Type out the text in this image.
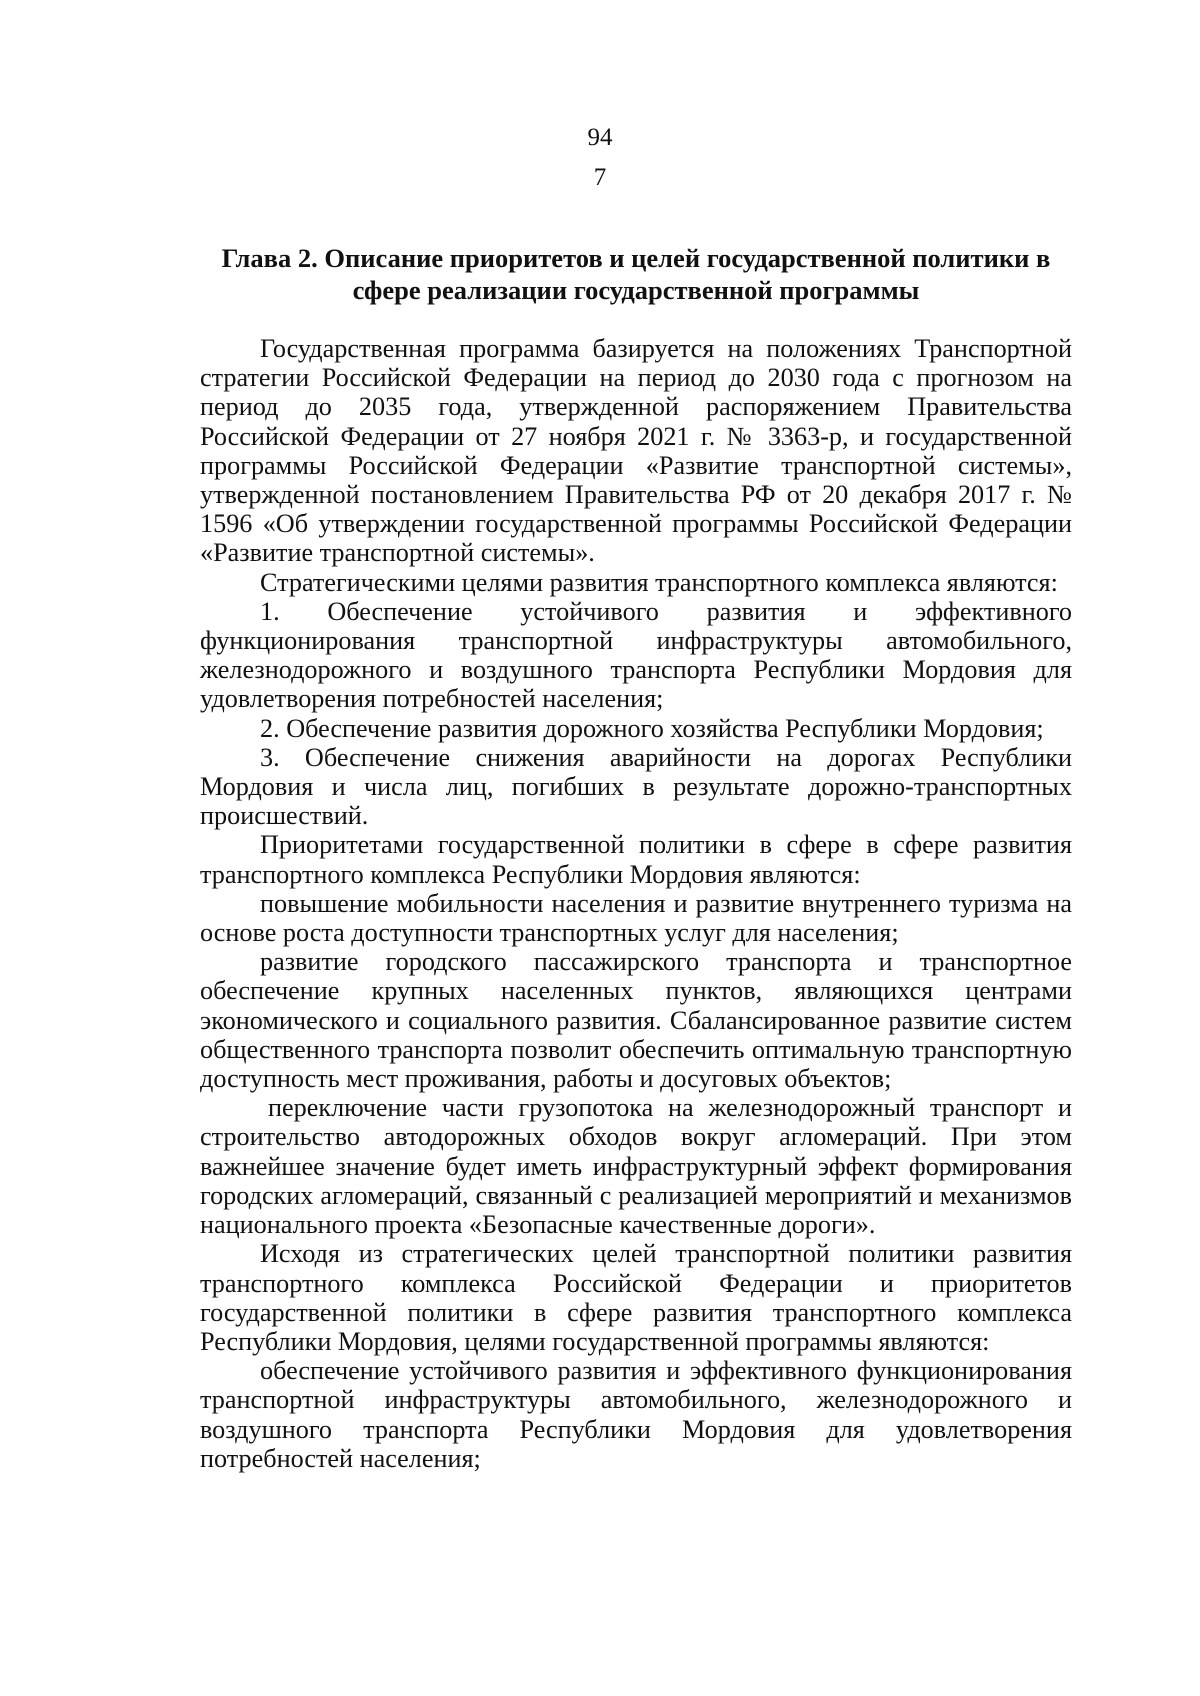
94
7
Глава 2. Описание приоритетов и целей государственной политики в
сфере реализации государственной программы

Государственная программа базируется на положениях Транспортной стратегии Российской Федерации на период до 2030 года с прогнозом на период до 2035 года, утвержденной распоряжением Правительства Российской Федерации от 27 ноября 2021 г. № 3363-р, и государственной программы Российской Федерации «Развитие транспортной системы», утвержденной постановлением Правительства РФ от 20 декабря 2017 г. № 1596 «Об утверждении государственной программы Российской Федерации «Развитие транспортной системы».

Стратегическими целями развития транспортного комплекса являются:

1. Обеспечение устойчивого развития и эффективного функционирования транспортной инфраструктуры автомобильного, железнодорожного и воздушного транспорта Республики Мордовия для удовлетворения потребностей населения;

2. Обеспечение развития дорожного хозяйства Республики Мордовия;

3. Обеспечение снижения аварийности на дорогах Республики Мордовия и числа лиц, погибших в результате дорожно-транспортных происшествий.

Приоритетами государственной политики в сфере в сфере развития транспортного комплекса Республики Мордовия являются:

повышение мобильности населения и развитие внутреннего туризма на основе роста доступности транспортных услуг для населения;

развитие городского пассажирского транспорта и транспортное обеспечение крупных населенных пунктов, являющихся центрами экономического и социального развития. Сбалансированное развитие систем общественного транспорта позволит обеспечить оптимальную транспортную доступность мест проживания, работы и досуговых объектов;

переключение части грузопотока на железнодорожный транспорт и строительство автодорожных обходов вокруг агломераций. При этом важнейшее значение будет иметь инфраструктурный эффект формирования городских агломераций, связанный с реализацией мероприятий и механизмов национального проекта «Безопасные качественные дороги».

Исходя из стратегических целей транспортной политики развития транспортного комплекса Российской Федерации и приоритетов государственной политики в сфере развития транспортного комплекса Республики Мордовия, целями государственной программы являются:

обеспечение устойчивого развития и эффективного функционирования транспортной инфраструктуры автомобильного, железнодорожного и воздушного транспорта Республики Мордовия для удовлетворения потребностей населения;
